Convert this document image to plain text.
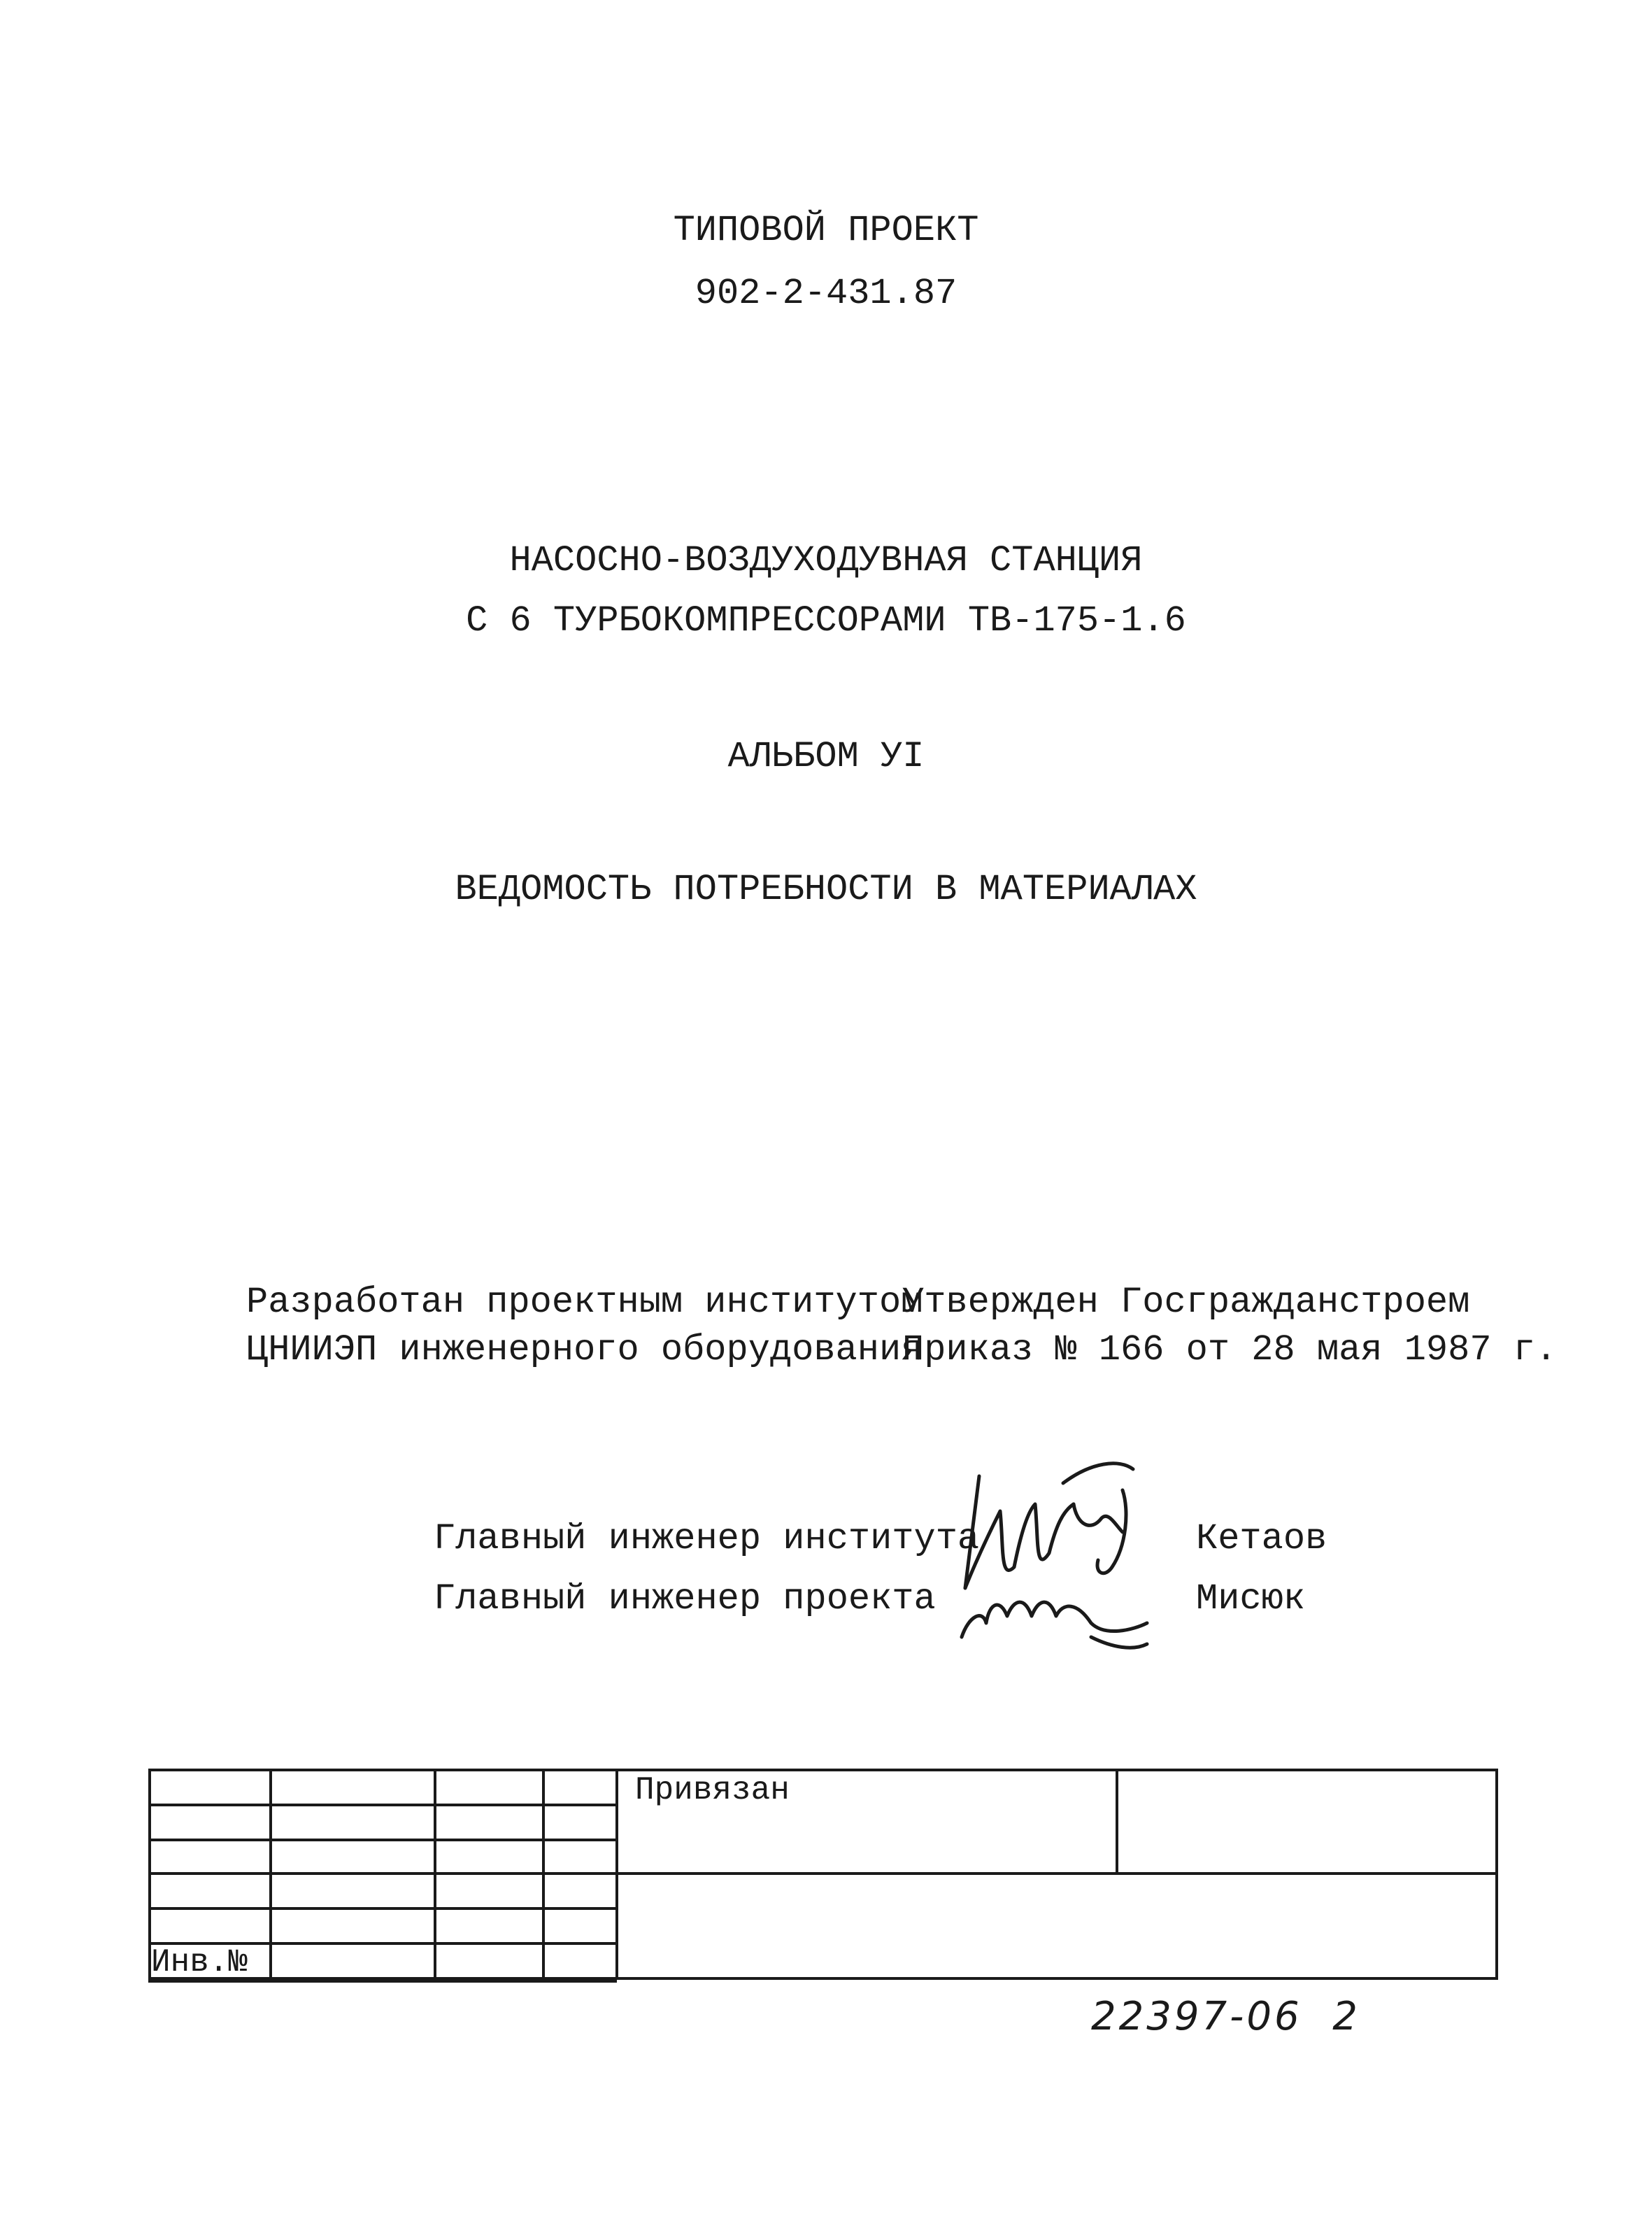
ТИПОВОЙ ПРОЕКТ
902-2-431.87
НАСОСНО-ВОЗДУХОДУВНАЯ СТАНЦИЯ
С 6 ТУРБОКОМПРЕССОРАМИ ТВ-175-1.6
АЛЬБОМ УI
ВЕДОМОСТЬ ПОТРЕБНОСТИ В МАТЕРИАЛАХ
Разработан проектным институтом
ЦНИИЭП инженерного оборудования
Утвержден Госгражданстроем
Приказ № 166 от 28 мая 1987 г.
Главный инженер института
Главный инженер проекта
Кетаов
Мисюк
Привязан
Инв.№
22397-06  2
